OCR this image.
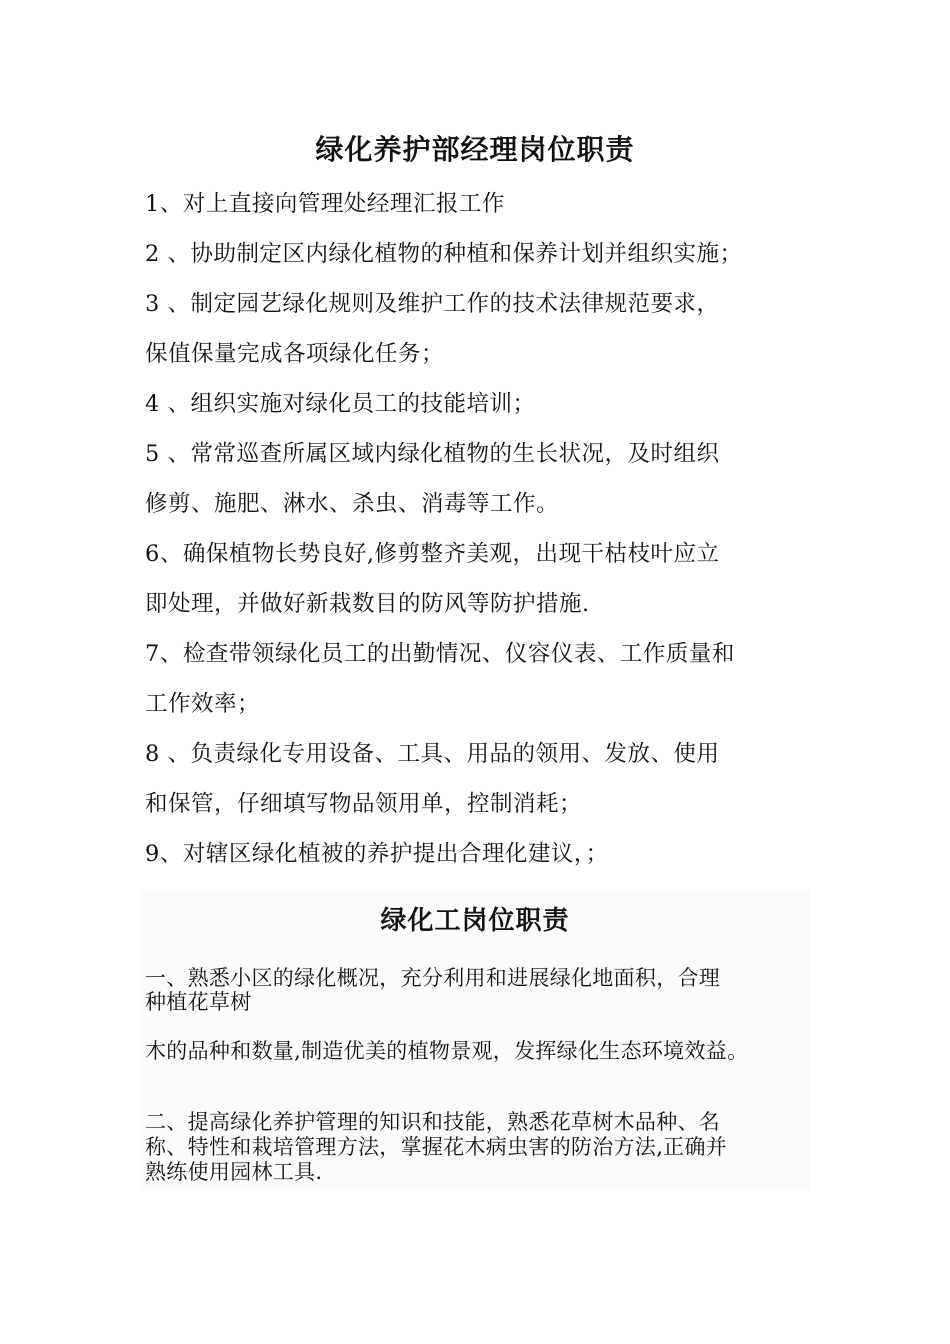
绿化养护部经理岗位职责
1、对上直接向管理处经理汇报工作
2 、协助制定区内绿化植物的种植和保养计划并组织实施；
3 、制定园艺绿化规则及维护工作的技术法律规范要求，
保值保量完成各项绿化任务；
4 、组织实施对绿化员工的技能培训；
5 、常常巡查所属区域内绿化植物的生长状况，及时组织
修剪、施肥、淋水、杀虫、消毒等工作。
6、确保植物长势良好,修剪整齐美观，出现干枯枝叶应立
即处理，并做好新栽数目的防风等防护措施.
7、检查带领绿化员工的出勤情况、仪容仪表、工作质量和
工作效率；
8 、负责绿化专用设备、工具、用品的领用、发放、使用
和保管，仔细填写物品领用单，控制消耗；
9、对辖区绿化植被的养护提出合理化建议，；
绿化工岗位职责
一、熟悉小区的绿化概况，充分利用和进展绿化地面积，合理
种植花草树
木的品种和数量,制造优美的植物景观，发挥绿化生态环境效益。
二、提高绿化养护管理的知识和技能，熟悉花草树木品种、名
称、特性和栽培管理方法，掌握花木病虫害的防治方法,正确并
熟练使用园林工具.
